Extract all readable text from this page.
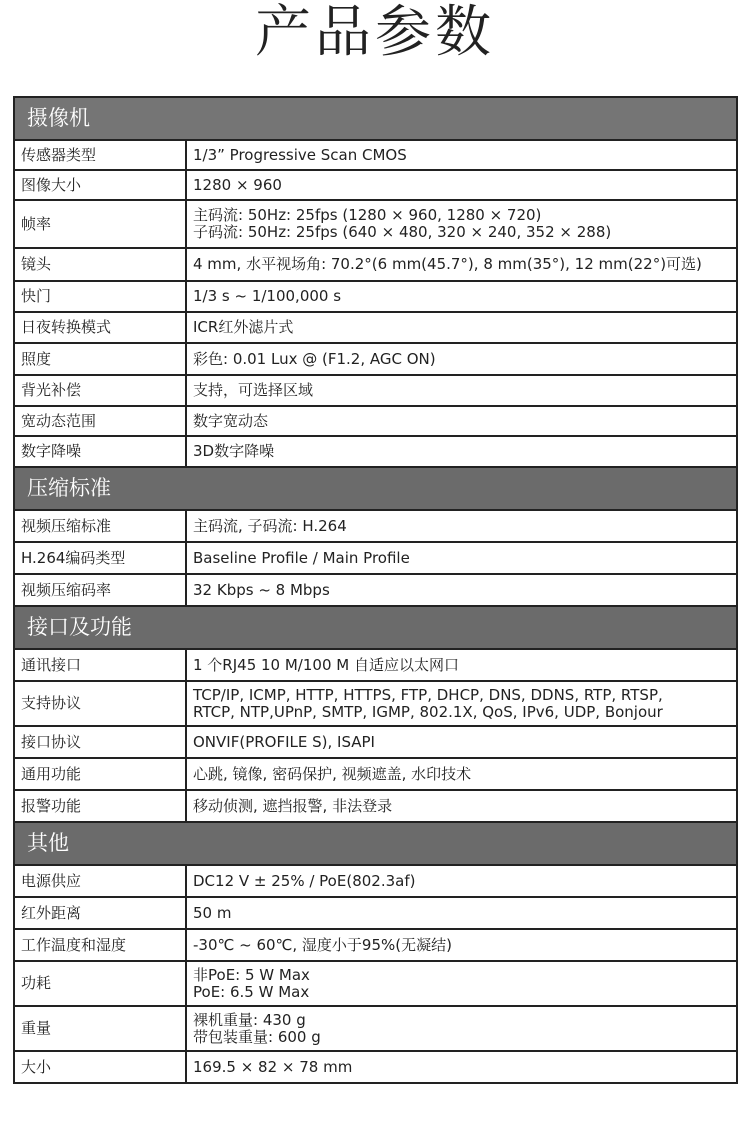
产品参数
摄像机	
传感器类型	1/3” Progressive Scan CMOS
图像大小	1280 × 960
帧率	主码流: 50Hz: 25fps (1280 × 960, 1280 × 720)
子码流: 50Hz: 25fps (640 × 480, 320 × 240, 352 × 288)

镜头	4 mm, 水平视场角: 70.2°(6 mm(45.7°), 8 mm(35°), 12 mm(22°)可选)
快门	1/3 s ~ 1/100,000 s
日夜转换模式	ICR红外滤片式
照度	彩色: 0.01 Lux @ (F1.2, AGC ON)
背光补偿	支持，可选择区域
宽动态范围	数字宽动态
数字降噪	3D数字降噪
压缩标准	
视频压缩标准	主码流, 子码流: H.264
H.264编码类型	Baseline Profile / Main Profile
视频压缩码率	32 Kbps ~ 8 Mbps
接口及功能	
通讯接口	1 个RJ45 10 M/100 M 自适应以太网口
支持协议	TCP/IP, ICMP, HTTP, HTTPS, FTP, DHCP, DNS, DDNS, RTP, RTSP,
RTCP, NTP,UPnP, SMTP, IGMP, 802.1X, QoS, IPv6, UDP, Bonjour

接口协议	ONVIF(PROFILE S), ISAPI
通用功能	心跳, 镜像, 密码保护, 视频遮盖, 水印技术
报警功能	移动侦测, 遮挡报警, 非法登录
其他	
电源供应	DC12 V ± 25% / PoE(802.3af)
红外距离	50 m
工作温度和湿度	-30℃ ~ 60℃, 湿度小于95%(无凝结)
功耗	非PoE: 5 W Max
PoE: 6.5 W Max

重量	裸机重量: 430 g
带包装重量: 600 g

大小	169.5 × 82 × 78 mm
